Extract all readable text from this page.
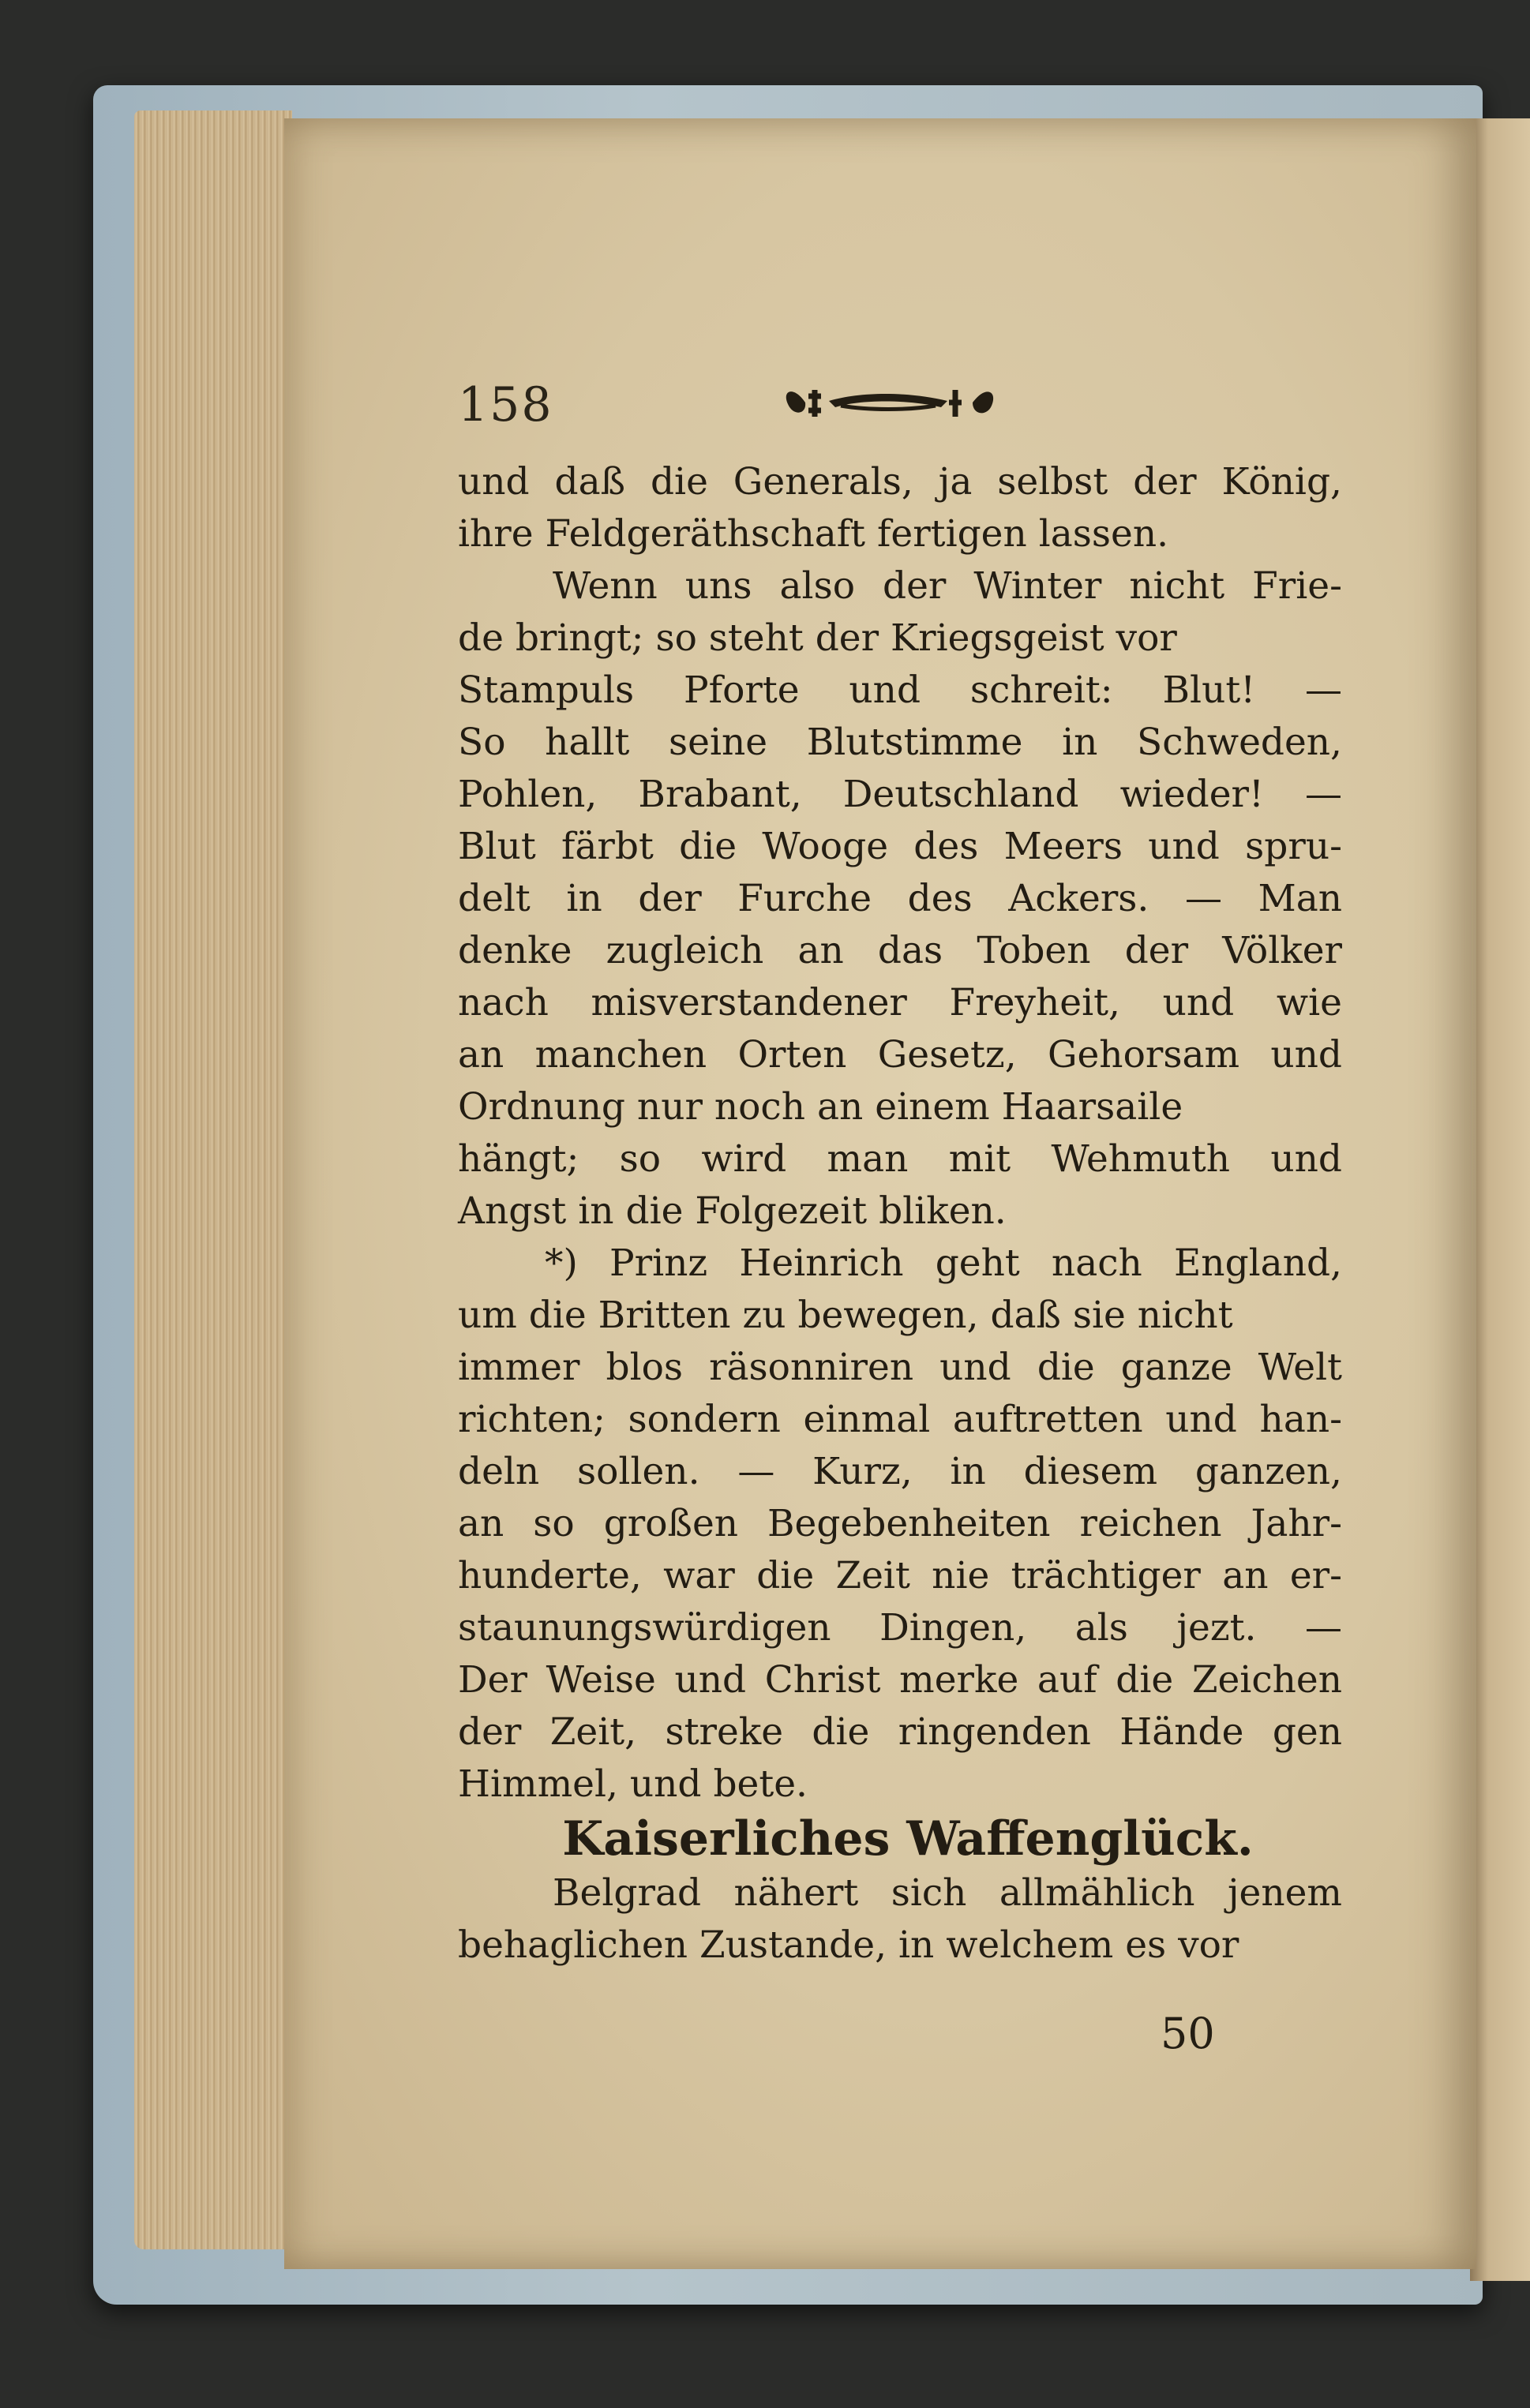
158
und daß die Generals, ja selbst der König,
ihre Feldgeräthschaft fertigen lassen.
Wenn uns also der Winter nicht Frie-
de bringt; so steht der Kriegsgeist vor
Stampuls Pforte und schreit: Blut! —
So hallt seine Blutstimme in Schweden,
Pohlen, Brabant, Deutschland wieder! —
Blut färbt die Wooge des Meers und spru-
delt in der Furche des Ackers. — Man
denke zugleich an das Toben der Völker
nach misverstandener Freyheit, und wie
an manchen Orten Gesetz, Gehorsam und
Ordnung nur noch an einem Haarsaile
hängt; so wird man mit Wehmuth und
Angst in die Folgezeit bliken.
*) Prinz Heinrich geht nach England,
um die Britten zu bewegen, daß sie nicht
immer blos räsonniren und die ganze Welt
richten; sondern einmal auftretten und han-
deln sollen. — Kurz, in diesem ganzen,
an so großen Begebenheiten reichen Jahr-
hunderte, war die Zeit nie trächtiger an er-
staunungswürdigen Dingen, als jezt. —
Der Weise und Christ merke auf die Zeichen
der Zeit, streke die ringenden Hände gen
Himmel, und bete.
Kaiserliches Waffenglück.
Belgrad nähert sich allmählich jenem
behaglichen Zustande, in welchem es vor
50
